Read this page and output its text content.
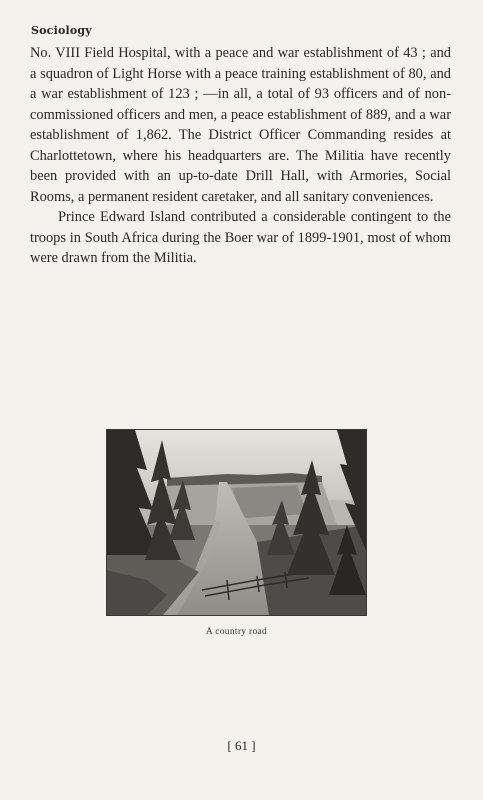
Sociology

No. VIII Field Hospital, with a peace and war establishment of 43 ; and a squadron of Light Horse with a peace training establishment of 80, and a war establishment of 123 ; —in all, a total of 93 officers and of non-commissioned officers and men, a peace establishment of 889, and a war establishment of 1,862. The District Officer Commanding resides at Charlottetown, where his headquarters are. The Militia have recently been provided with an up-to-date Drill Hall, with Armories, Social Rooms, a permanent resident caretaker, and all sanitary conveniences.

Prince Edward Island contributed a considerable contingent to the troops in South Africa during the Boer war of 1899-1901, most of whom were drawn from the Militia.

A country road
[ 61 ]
